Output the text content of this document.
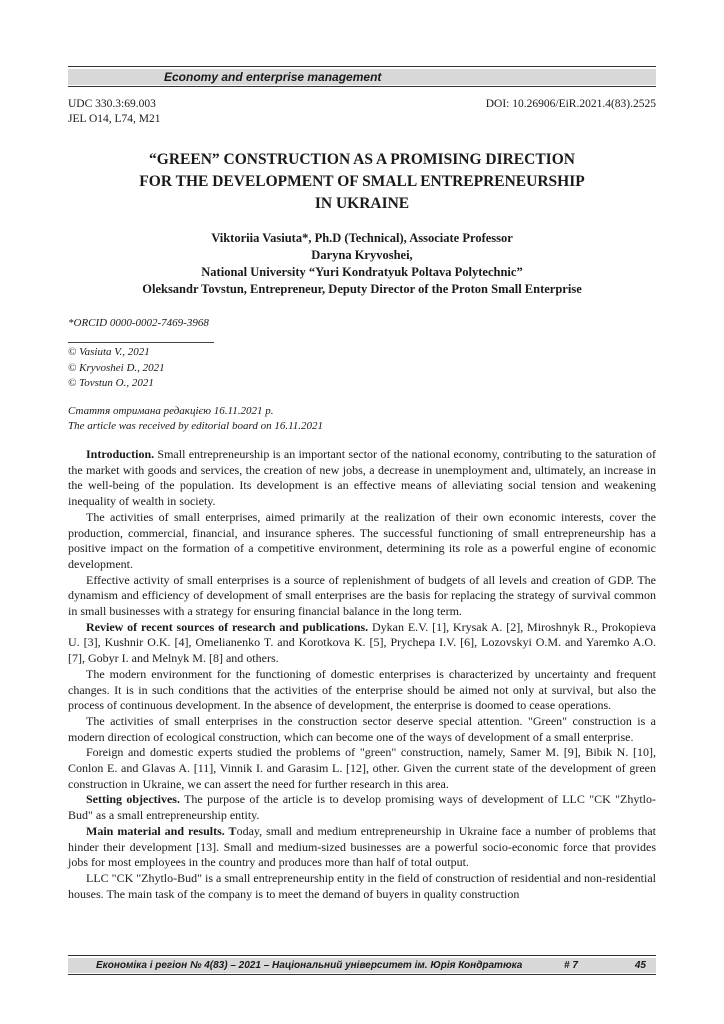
Economy and enterprise management
UDC 330.3:69.003
JEL O14, L74, M21
DOI: 10.26906/EiR.2021.4(83).2525
“GREEN” CONSTRUCTION AS A PROMISING DIRECTION
FOR THE DEVELOPMENT OF SMALL ENTREPRENEURSHIP
IN UKRAINE
Viktoriia Vasiuta*, Ph.D (Technical), Associate Professor
Daryna Kryvoshei,
National University “Yuri Kondratyuk Poltava Polytechnic”
Oleksandr Tovstun, Entrepreneur, Deputy Director of the Proton Small Enterprise
*ORCID 0000-0002-7469-3968
© Vasiuta V., 2021
© Kryvoshei D., 2021
© Tovstun O., 2021
Стаття отримана редакцією 16.11.2021 р.
The article was received by editorial board on 16.11.2021

Introduction. Small entrepreneurship is an important sector of the national economy, contributing to the saturation of the market with goods and services, the creation of new jobs, a decrease in unemployment and, ultimately, an increase in the well-being of the population. Its development is an effective means of alleviating social tension and weakening inequality of wealth in society.

The activities of small enterprises, aimed primarily at the realization of their own economic interests, cover the production, commercial, financial, and insurance spheres. The successful functioning of small entrepreneurship has a positive impact on the formation of a competitive environment, determining its role as a powerful engine of economic development.

Effective activity of small enterprises is a source of replenishment of budgets of all levels and creation of GDP. The dynamism and efficiency of development of small enterprises are the basis for replacing the strategy of survival common in small businesses with a strategy for ensuring financial balance in the long term.

Review of recent sources of research and publications. Dykan E.V. [1], Krysak A. [2], Miroshnyk R., Prokopieva U. [3], Kushnir O.K. [4], Omelianenko T. and Korotkova K. [5], Prychepa I.V. [6], Lozovskyi O.M. and Yaremko A.O. [7], Gobyr I. and Melnyk M. [8] and others.

The modern environment for the functioning of domestic enterprises is characterized by uncertainty and frequent changes. It is in such conditions that the activities of the enterprise should be aimed not only at survival, but also the process of continuous development. In the absence of development, the enterprise is doomed to cease operations.

The activities of small enterprises in the construction sector deserve special attention. "Green" construction is a modern direction of ecological construction, which can become one of the ways of development of a small enterprise.

Foreign and domestic experts studied the problems of "green" construction, namely, Samer M. [9], Bibik N. [10], Conlon E. and Glavas A. [11], Vinnik I. and Garasim L. [12], other. Given the current state of the development of green construction in Ukraine, we can assert the need for further research in this area.

Setting objectives. The purpose of the article is to develop promising ways of development of LLC "CK "Zhytlo-Bud" as a small entrepreneurship entity.

Main material and results. Today, small and medium entrepreneurship in Ukraine face a number of problems that hinder their development [13]. Small and medium-sized businesses are a powerful socio-economic force that provides jobs for most employees in the country and produces more than half of total output.

LLC "CK "Zhytlo-Bud" is a small entrepreneurship entity in the field of construction of residential and non-residential houses. The main task of the company is to meet the demand of buyers in quality construction

Економіка і регіон № 4(83) – 2021 – Національний університет ім. Юрія Кондратюка	# 7	45
